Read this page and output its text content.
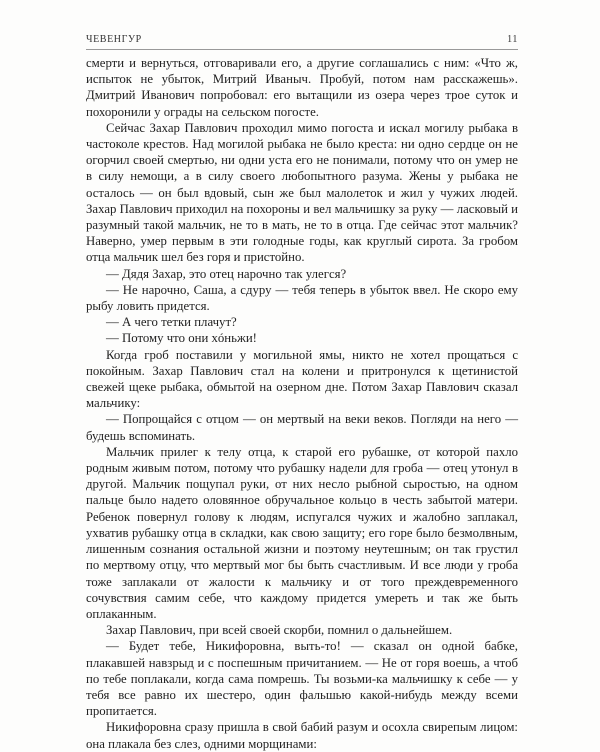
ЧЕВЕНГУР	11

смерти и вернуться, отговаривали его, а другие соглашались с ним: «Что ж, испыток не убыток, Митрий Иваныч. Пробуй, потом нам расскажешь». Дмитрий Иванович попробовал: его вытащили из озера через трое суток и похоронили у ограды на сельском погосте.

Сейчас Захар Павлович проходил мимо погоста и искал могилу рыбака в частоколе крестов. Над могилой рыбака не было креста: ни одно сердце он не огорчил своей смертью, ни одни уста его не понимали, потому что он умер не в силу немощи, а в силу своего любопытного разума. Жены у рыбака не осталось — он был вдовый, сын же был малолеток и жил у чужих людей. Захар Павлович приходил на похороны и вел мальчишку за руку — ласковый и разумный такой мальчик, не то в мать, не то в отца. Где сейчас этот мальчик? Наверно, умер первым в эти голодные годы, как круглый сирота. За гробом отца мальчик шел без горя и пристойно.

— Дядя Захар, это отец нарочно так улегся?

— Не нарочно, Саша, а сдуру — тебя теперь в убыток ввел. Не скоро ему рыбу ловить придется.

— А чего тетки плачут?

— Потому что они хóньжи!

Когда гроб поставили у могильной ямы, никто не хотел прощаться с покойным. Захар Павлович стал на колени и притронулся к щетинистой свежей щеке рыбака, обмытой на озерном дне. Потом Захар Павлович сказал мальчику:

— Попрощайся с отцом — он мертвый на веки веков. Погляди на него — будешь вспоминать.

Мальчик прилег к телу отца, к старой его рубашке, от которой пахло родным живым потом, потому что рубашку надели для гроба — отец утонул в другой. Мальчик пощупал руки, от них несло рыбной сыростью, на одном пальце было надето оловянное обручальное кольцо в честь забытой матери. Ребенок повернул голову к людям, испугался чужих и жалобно заплакал, ухватив рубашку отца в складки, как свою защиту; его горе было безмолвным, лишенным сознания остальной жизни и поэтому неутешным; он так грустил по мертвому отцу, что мертвый мог бы быть счастливым. И все люди у гроба тоже заплакали от жалости к мальчику и от того преждевременного сочувствия самим себе, что каждому придется умереть и так же быть оплаканным.

Захар Павлович, при всей своей скорби, помнил о дальнейшем.

— Будет тебе, Никифоровна, выть-то! — сказал он одной бабке, плакавшей навзрыд и с поспешным причитанием. — Не от горя воешь, а чтоб по тебе поплакали, когда сама помрешь. Ты возьми-ка мальчишку к себе — у тебя все равно их шестеро, один фальшью какой-нибудь между всеми пропитается.

Никифоровна сразу пришла в свой бабий разум и осохла свирепым лицом: она плакала без слез, одними морщинами:
